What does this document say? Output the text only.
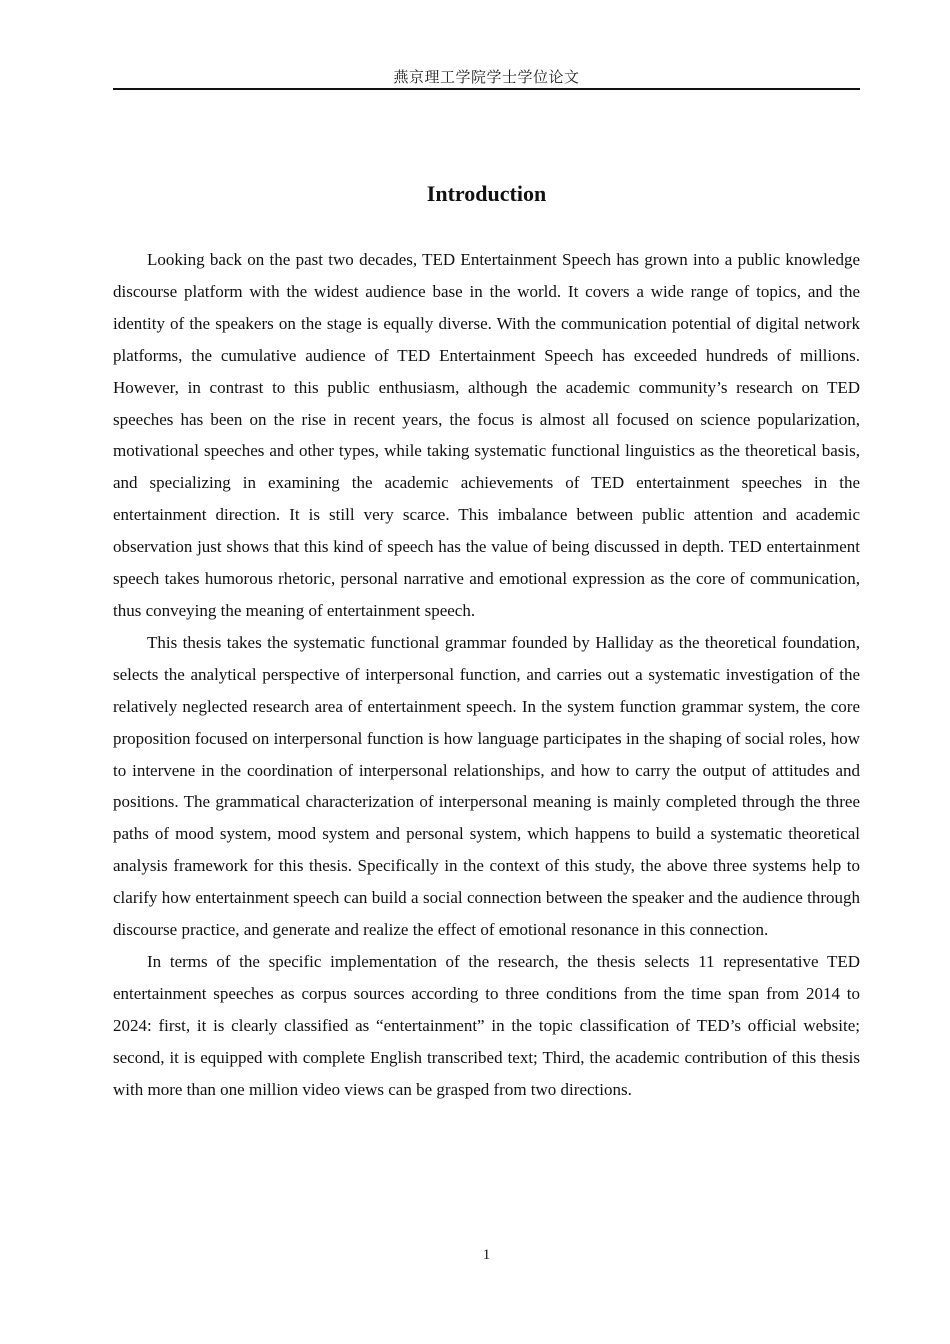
燕京理工学院学士学位论文
Introduction

Looking back on the past two decades, TED Entertainment Speech has grown into a public knowledge discourse platform with the widest audience base in the world. It covers a wide range of topics, and the identity of the speakers on the stage is equally diverse. With the communication potential of digital network platforms, the cumulative audience of TED Entertainment Speech has exceeded hundreds of millions. However, in contrast to this public enthusiasm, although the academic community’s research on TED speeches has been on the rise in recent years, the focus is almost all focused on science popularization, motivational speeches and other types, while taking systematic functional linguistics as the theoretical basis, and specializing in examining the academic achievements of TED entertainment speeches in the entertainment direction. It is still very scarce. This imbalance between public attention and academic observation just shows that this kind of speech has the value of being discussed in depth. TED entertainment speech takes humorous rhetoric, personal narrative and emotional expression as the core of communication, thus conveying the meaning of entertainment speech.

This thesis takes the systematic functional grammar founded by Halliday as the theoretical foundation, selects the analytical perspective of interpersonal function, and carries out a systematic investigation of the relatively neglected research area of entertainment speech. In the system function grammar system, the core proposition focused on interpersonal function is how language participates in the shaping of social roles, how to intervene in the coordination of interpersonal relationships, and how to carry the output of attitudes and positions. The grammatical characterization of interpersonal meaning is mainly completed through the three paths of mood system, mood system and personal system, which happens to build a systematic theoretical analysis framework for this thesis. Specifically in the context of this study, the above three systems help to clarify how entertainment speech can build a social connection between the speaker and the audience through discourse practice, and generate and realize the effect of emotional resonance in this connection.

In terms of the specific implementation of the research, the thesis selects 11 representative TED entertainment speeches as corpus sources according to three conditions from the time span from 2014 to 2024: first, it is clearly classified as “entertainment” in the topic classification of TED’s official website; second, it is equipped with complete English transcribed text; Third, the academic contribution of this thesis with more than one million video views can be grasped from two directions.

1
